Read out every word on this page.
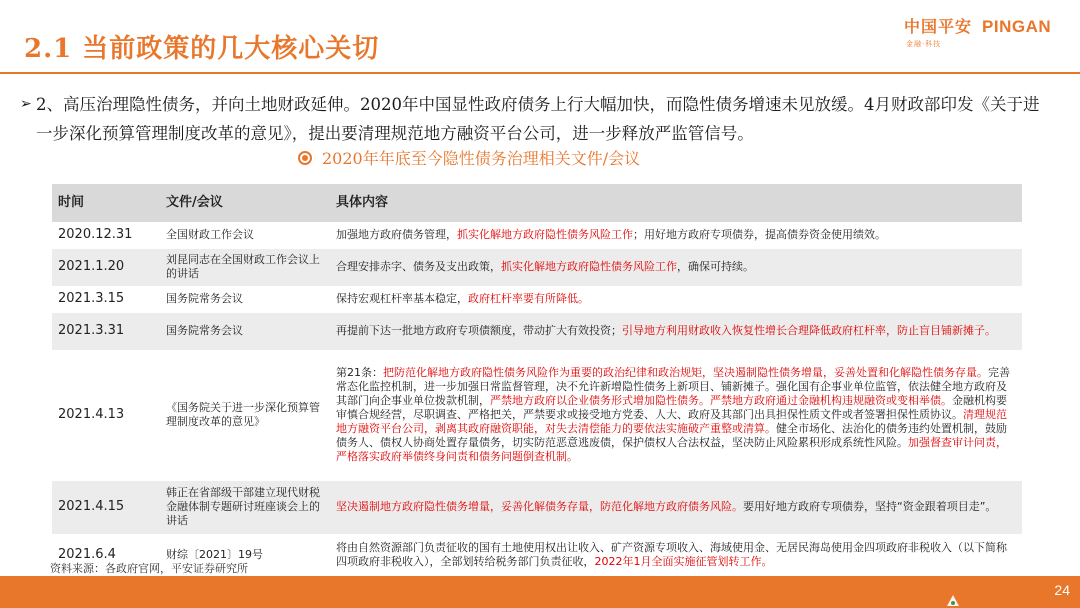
2.1 当前政策的几大核心关切
中国平安 PINGAN
金融·科技
➢ 2、高压治理隐性债务，并向土地财政延伸。2020年中国显性政府债务上行大幅加快，而隐性债务增速未见放缓。4月财政部印发《关于进一步深化预算管理制度改革的意见》，提出要清理规范地方融资平台公司，进一步释放严监管信号。
2020年年底至今隐性债务治理相关文件/会议
时间	文件/会议	具体内容
2020.12.31	全国财政工作会议	加强地方政府债务管理，抓实化解地方政府隐性债务风险工作；用好地方政府专项债券，提高债券资金使用绩效。
2021.1.20	刘昆同志在全国财政工作会议上的讲话	合理安排赤字、债务及支出政策，抓实化解地方政府隐性债务风险工作，确保可持续。
2021.3.15	国务院常务会议	保持宏观杠杆率基本稳定，政府杠杆率要有所降低。
2021.3.31	国务院常务会议	再提前下达一批地方政府专项债额度，带动扩大有效投资；引导地方利用财政收入恢复性增长合理降低政府杠杆率，防止盲目铺新摊子。
2021.4.13	《国务院关于进一步深化预算管理制度改革的意见》	第21条：把防范化解地方政府隐性债务风险作为重要的政治纪律和政治规矩，坚决遏制隐性债务增量，妥善处置和化解隐性债务存量。完善常态化监控机制，进一步加强日常监督管理，决不允许新增隐性债务上新项目、铺新摊子。强化国有企事业单位监管，依法健全地方政府及其部门向企事业单位拨款机制，严禁地方政府以企业债务形式增加隐性债务。严禁地方政府通过金融机构违规融资或变相举债。金融机构要审慎合规经营，尽职调查、严格把关，严禁要求或接受地方党委、人大、政府及其部门出具担保性质文件或者签署担保性质协议。清理规范地方融资平台公司，剥离其政府融资职能，对失去清偿能力的要依法实施破产重整或清算。健全市场化、法治化的债务违约处置机制，鼓励债务人、债权人协商处置存量债务，切实防范恶意逃废债，保护债权人合法权益，坚决防止风险累积形成系统性风险。加强督查审计问责，严格落实政府举债终身问责和债务问题倒查机制。
2021.4.15	韩正在省部级干部建立现代财税金融体制专题研讨班座谈会上的讲话	坚决遏制地方政府隐性债务增量，妥善化解债务存量，防范化解地方政府债务风险。要用好地方政府专项债券，坚持“资金跟着项目走”。
2021.6.4	财综〔2021〕19号	将由自然资源部门负责征收的国有土地使用权出让收入、矿产资源专项收入、海域使用金、无居民海岛使用金四项政府非税收入（以下简称四项政府非税收入），全部划转给税务部门负责征收，2022年1月全面实施征管划转工作。
资料来源：各政府官网，平安证券研究所
24
